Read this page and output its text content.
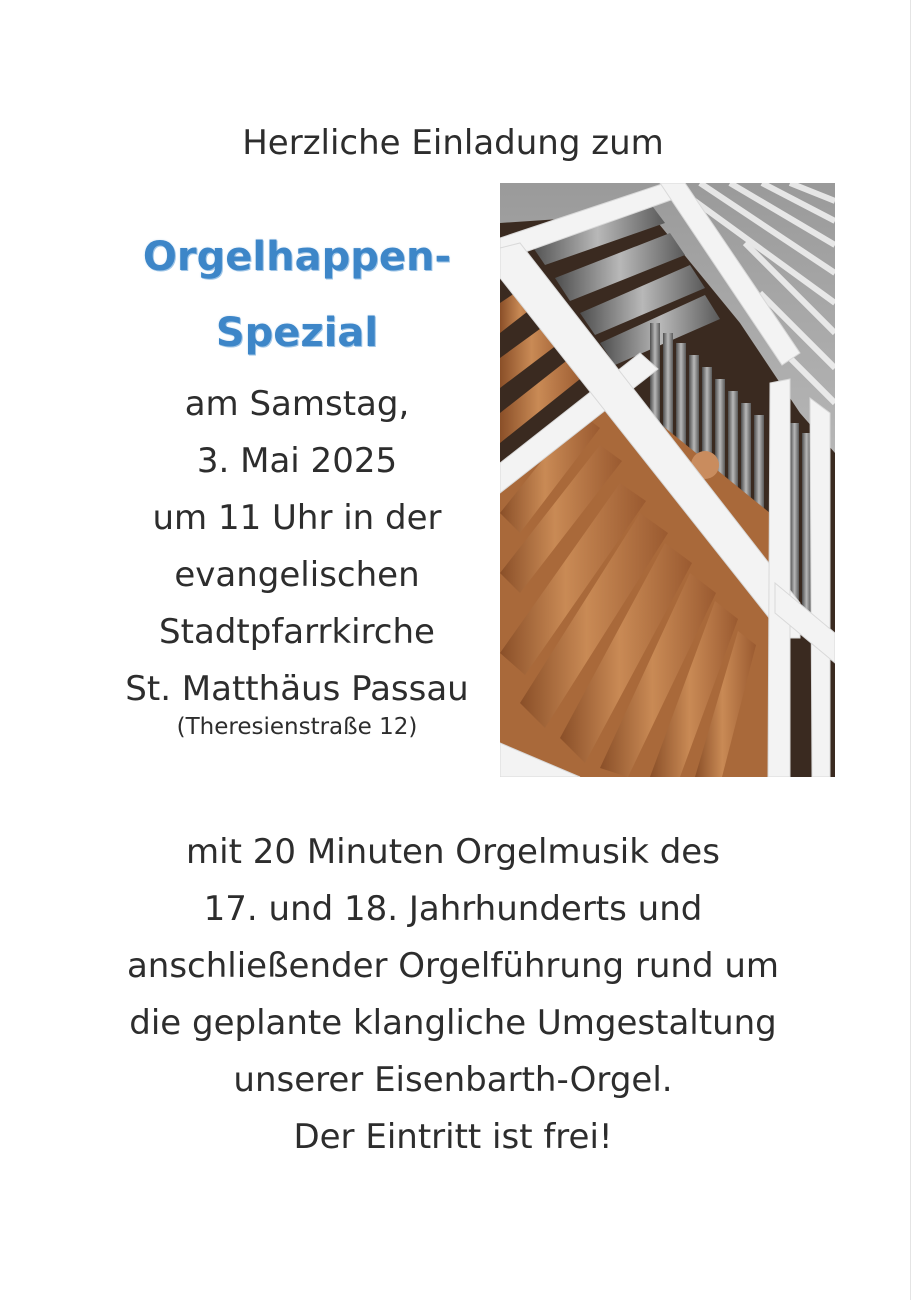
Herzliche Einladung zum
Orgelhappen-
Spezial
am Samstag,
3. Mai 2025
um 11 Uhr in der
evangelischen
Stadtpfarrkirche
St. Matthäus Passau
(Theresienstraße 12)
mit 20 Minuten Orgelmusik des
17. und 18. Jahrhunderts und
anschließender Orgelführung rund um
die geplante klangliche Umgestaltung
unserer Eisenbarth-Orgel.
Der Eintritt ist frei!
